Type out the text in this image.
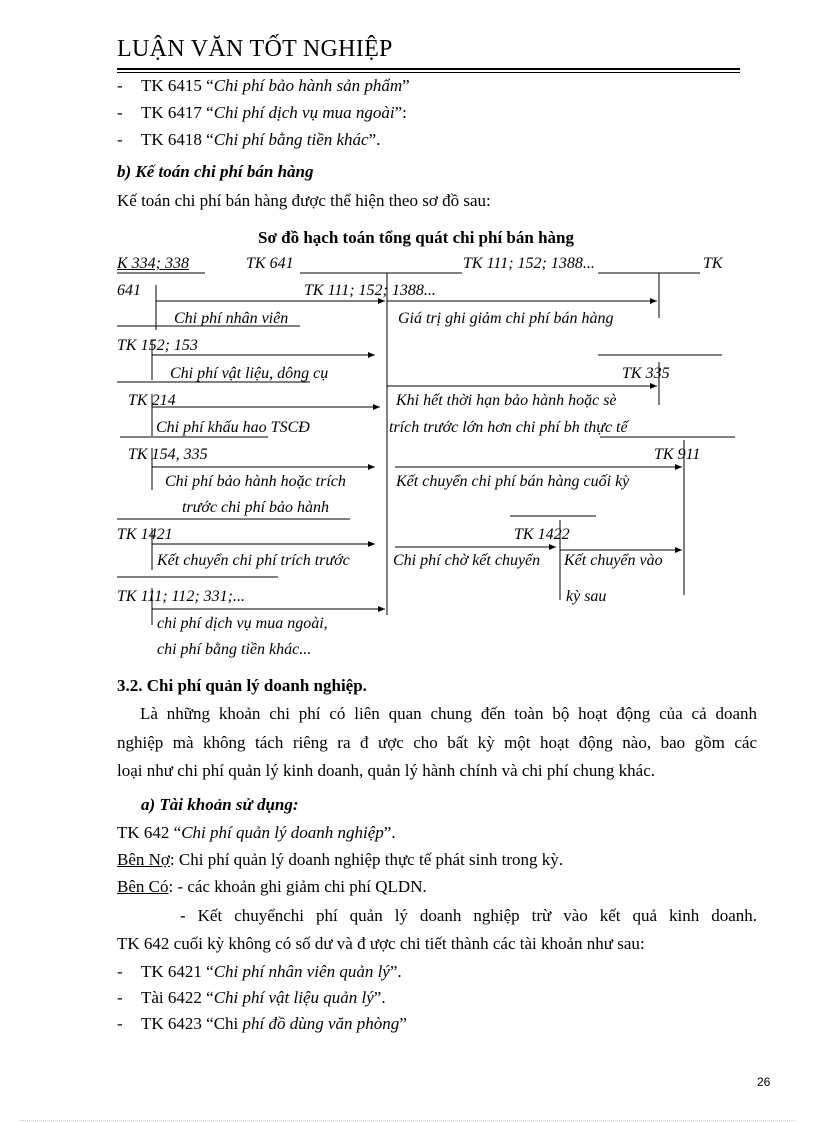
LUẬN VĂN TỐT NGHIỆP
- TK 6415 “Chi phí bảo hành sản phẩm”
- TK 6417 “Chi phí dịch vụ mua ngoài”:
- TK 6418 “Chi phí bằng tiền khác”.
b) Kế toán chi phí bán hàng
Kế toán chi phí bán hàng được thể hiện theo sơ đồ sau:
Sơ đồ hạch toán tổng quát chi phí bán hàng
K 334; 338	TK 641	TK 111; 152; 1388...	TK
641	TK 111; 152; 1388...
Chi phí nhân viên	Giá trị ghi giảm chi phí bán hàng
TK 152; 153
Chi phí vật liệu, dông cụ	TK 335
TK 214	Khi hết thời hạn bảo hành hoặc sè
Chi phí khấu hao TSCĐ	trích trước lớn hơn chi phí bh thực tế
TK 154, 335	TK 911
Chi phí bảo hành hoặc trích	Kết chuyển chi phí bán hàng cuối kỳ
trước chi phí bảo hành
TK 1422
TK 1421
Kết chuyển chi phí trích trước	Chi phí chờ kết chuyển Kết chuyển vào
TK 111; 112; 331;...	kỳ sau
chi phí dịch vụ mua ngoài,
chi phí bằng tiền khác...
3.2. Chi phí quản lý doanh nghiệp.
Là những khoản chi phí có liên quan chung đến toàn bộ hoạt động của cả doanh
nghiệp mà không tách riêng ra đ ược cho bất kỳ một hoạt động nào, bao gồm các
loại như chi phí quản lý kinh doanh, quản lý hành chính và chi phí chung khác.
a) Tài khoản sử dụng:
TK 642 “Chi phí quản lý doanh nghiệp”.
Bên Nợ: Chi phí quản lý doanh nghiệp thực tế phát sinh trong kỳ.
Bên Có: - các khoản ghi giảm chi phí QLDN.
- Kết chuyểnchi phí quản lý doanh nghiệp trừ vào kết quả kinh doanh.
TK 642 cuối kỳ không có số dư và đ ược chi tiết thành các tài khoản như sau:
- TK 6421 “Chi phí nhân viên quản lý”.
- Tài 6422 “Chi phí vật liệu quản lý”.
- TK 6423 “Chi phí đồ dùng văn phòng”
26
